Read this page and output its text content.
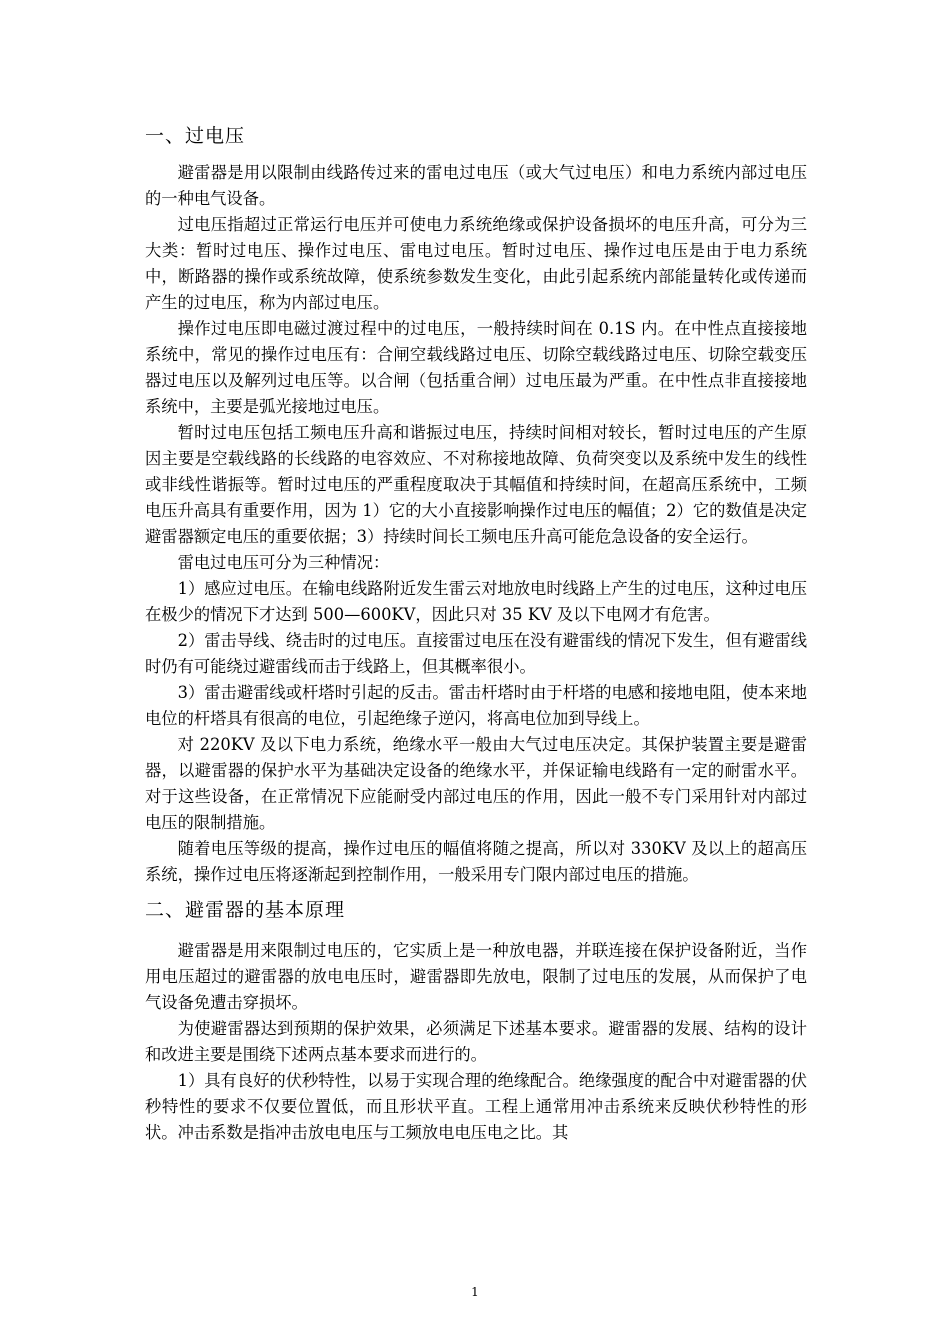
一、过电压

避雷器是用以限制由线路传过来的雷电过电压（或大气过电压）和电力系统内部过电压的一种电气设备。

过电压指超过正常运行电压并可使电力系统绝缘或保护设备损坏的电压升高，可分为三大类：暂时过电压、操作过电压、雷电过电压。暂时过电压、操作过电压是由于电力系统中，断路器的操作或系统故障，使系统参数发生变化，由此引起系统内部能量转化或传递而产生的过电压，称为内部过电压。

操作过电压即电磁过渡过程中的过电压，一般持续时间在 0.1S 内。在中性点直接接地系统中，常见的操作过电压有：合闸空载线路过电压、切除空载线路过电压、切除空载变压器过电压以及解列过电压等。以合闸（包括重合闸）过电压最为严重。在中性点非直接接地系统中，主要是弧光接地过电压。

暂时过电压包括工频电压升高和谐振过电压，持续时间相对较长，暂时过电压的产生原因主要是空载线路的长线路的电容效应、不对称接地故障、负荷突变以及系统中发生的线性或非线性谐振等。暂时过电压的严重程度取决于其幅值和持续时间，在超高压系统中，工频电压升高具有重要作用，因为 1）它的大小直接影响操作过电压的幅值；2）它的数值是决定避雷器额定电压的重要依据；3）持续时间长工频电压升高可能危急设备的安全运行。

雷电过电压可分为三种情况：

1）感应过电压。在输电线路附近发生雷云对地放电时线路上产生的过电压，这种过电压在极少的情况下才达到 500—600KV，因此只对 35 KV 及以下电网才有危害。

2）雷击导线、绕击时的过电压。直接雷过电压在没有避雷线的情况下发生，但有避雷线时仍有可能绕过避雷线而击于线路上，但其概率很小。

3）雷击避雷线或杆塔时引起的反击。雷击杆塔时由于杆塔的电感和接地电阻，使本来地电位的杆塔具有很高的电位，引起绝缘子逆闪，将高电位加到导线上。

对 220KV 及以下电力系统，绝缘水平一般由大气过电压决定。其保护装置主要是避雷器，以避雷器的保护水平为基础决定设备的绝缘水平，并保证输电线路有一定的耐雷水平。对于这些设备，在正常情况下应能耐受内部过电压的作用，因此一般不专门采用针对内部过电压的限制措施。

随着电压等级的提高，操作过电压的幅值将随之提高，所以对 330KV 及以上的超高压系统，操作过电压将逐渐起到控制作用，一般采用专门限内部过电压的措施。

二、避雷器的基本原理

避雷器是用来限制过电压的，它实质上是一种放电器，并联连接在保护设备附近，当作用电压超过的避雷器的放电电压时，避雷器即先放电，限制了过电压的发展，从而保护了电气设备免遭击穿损坏。

为使避雷器达到预期的保护效果，必须满足下述基本要求。避雷器的发展、结构的设计和改进主要是围绕下述两点基本要求而进行的。

1）具有良好的伏秒特性，以易于实现合理的绝缘配合。绝缘强度的配合中对避雷器的伏秒特性的要求不仅要位置低，而且形状平直。工程上通常用冲击系统来反映伏秒特性的形状。冲击系数是指冲击放电电压与工频放电电压电之比。其

1
